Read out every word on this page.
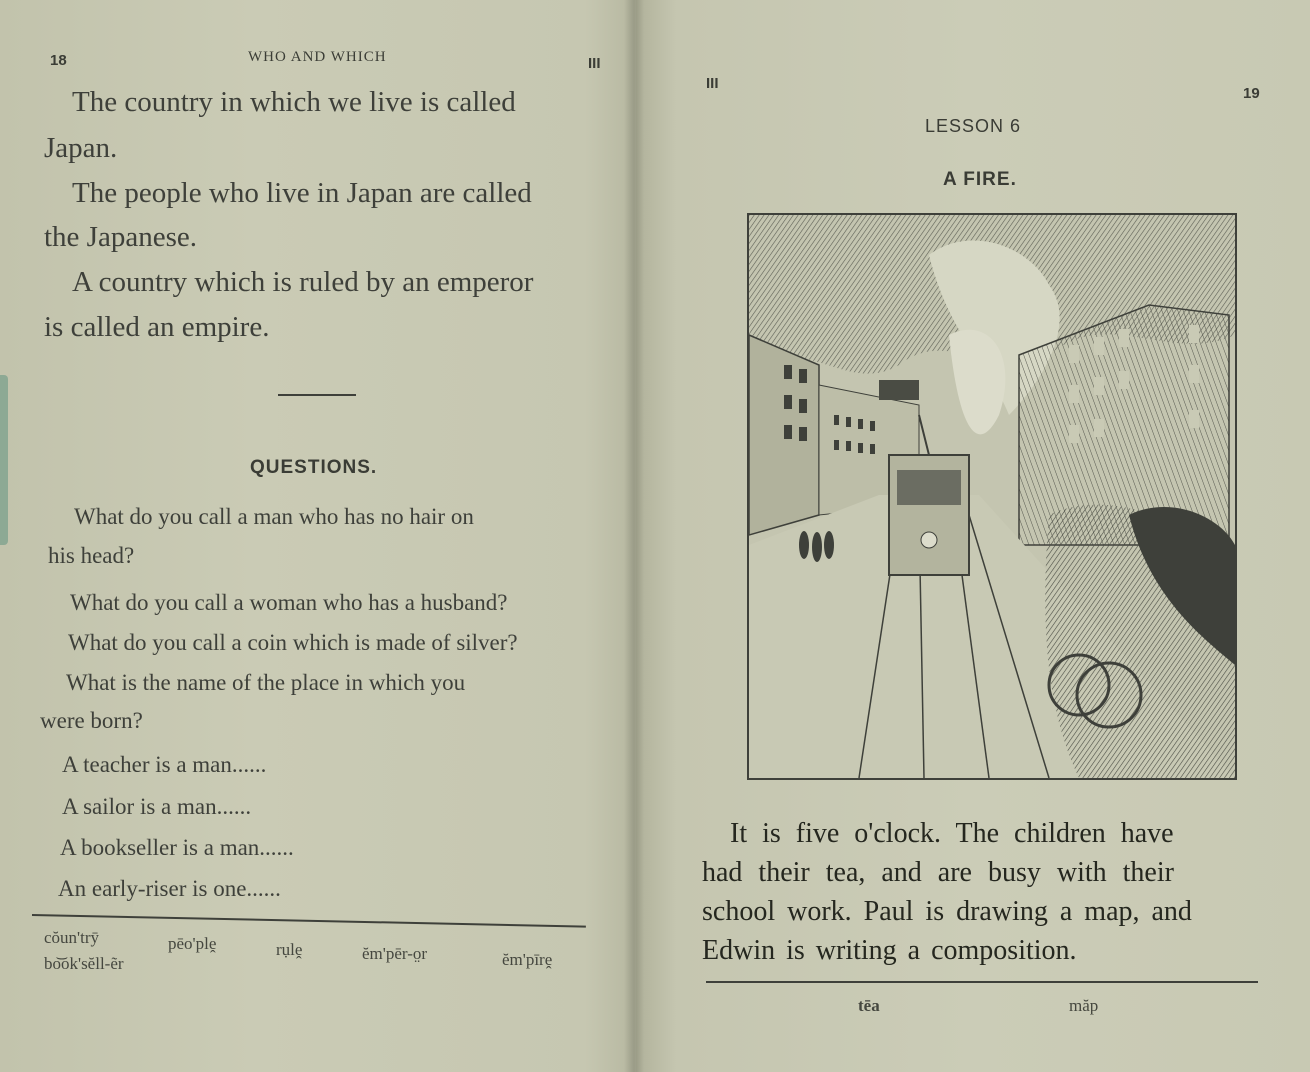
18	WHO AND WHICH	III

The country in which we live is called

Japan.

The people who live in Japan are called

the Japanese.

A country which is ruled by an emperor

is called an empire.

QUESTIONS.

What do you call a man who has no hair on

his head?

What do you call a woman who has a husband?

What do you call a coin which is made of silver?

What is the name of the place in which you

were born?

A teacher is a man......

A sailor is a man......

A bookseller is a man......

An early-riser is one......

cŏun'trȳ	pēo'plḙ	rụlḙ	ĕm'pēr-o̤r	ĕm'pīrḙ

bo͝ok'sĕll-ẽr

III

19

LESSON 6

A FIRE.

It is five o'clock. The children have

had their tea, and are busy with their

school work. Paul is drawing a map, and

Edwin is writing a composition.

tēa	măp
